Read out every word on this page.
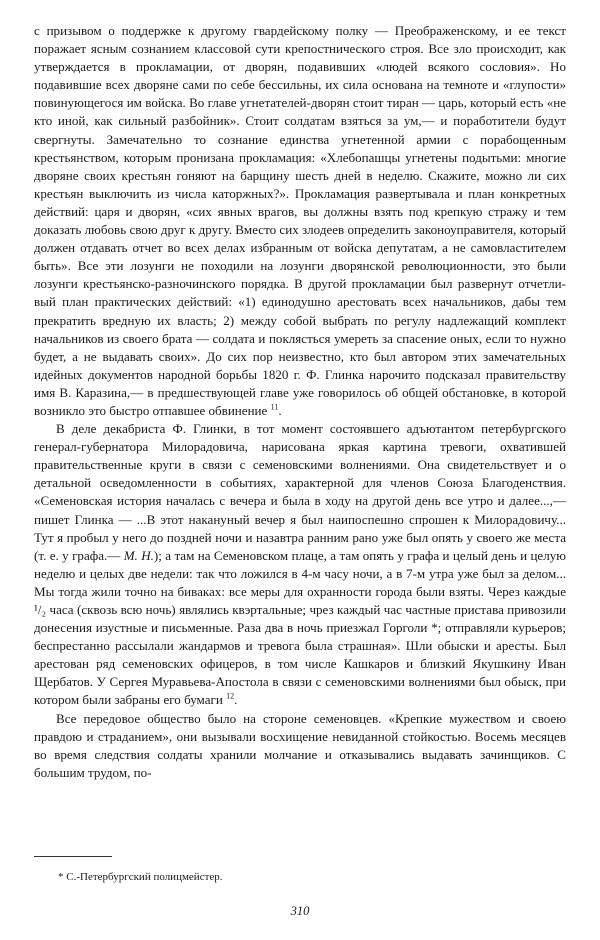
с призывом о поддержке к другому гвардейскому полку — Преображенскому, и ее текст поражает ясным сознанием классовой сути крепостнического строя. Все зло происходит, как утверждается в прокламации, от дворян, подавивших «людей всякого сословия». Но подавившие всех дворяне сами по себе бессильны, их сила основана на темноте и «глупости» повинующегося им войска. Во главе угнетателей-дворян стоит тиран — царь, который есть «не кто иной, как сильный разбойник». Стоит солдатам взяться за ум,— и поработители будут свергнуты. Замечательно то сознание единства угнетенной армии с порабощенным крестьянством, которым пронизана прокламация: «Хлебопашцы угнетены подытьми: многие дворяне своих крестьян гоняют на барщину шесть дней в неделю. Скажите, можно ли сих крестьян выключить из числа каторжных?». Прокламация развертывала и план конкретных действий: царя и дворян, «сих явных врагов, вы должны взять под крепкую стражу и тем доказать любовь свою друг к другу. Вместо сих злодеев определить законоуправителя, который должен отдавать отчет во всех делах избранным от войска депутатам, а не самовластителем быть». Все эти лозунги не походили на лозунги дворянской революционности, это были лозунги крестьянско-разночинского порядка. В другой прокламации был развернут отчетливый план практических действий: «1) единодушно арестовать всех начальников, дабы тем прекратить вредную их власть; 2) между собой выбрать по регулу надлежащий комплект начальников из своего брата — солдата и поклясться умереть за спасение оных, если то нужно будет, а не выдавать своих». До сих пор неизвестно, кто был автором этих замечательных идейных документов народной борьбы 1820 г. Ф. Глинка нарочито подсказал правительству имя В. Каразина,— в предшествующей главе уже говорилось об общей обстановке, в которой возникло это быстро отпавшее обвинение $^{11}$.

В деле декабриста Ф. Глинки, в тот момент состоявшего адъютантом петербургского генерал-губернатора Милорадовича, нарисована яркая картина тревоги, охватившей правительственные круги в связи с семеновскими волнениями. Она свидетельствует и о детальной осведомленности в событиях, характерной для членов Союза Благоденствия. «Семеновская история началась с вечера и была в ходу на другой день все утро и далее...,— пишет Глинка — ...В этот накануный вечер я был наипоспешно спрошен к Милорадовичу... Тут я пробыл у него до поздней ночи и назавтра ранним рано уже был опять у своего же места (т. е. у графа.— М. Н.); а там на Семеновском плаце, а там опять у графа и целый день и целую неделю и целых две недели: так что ложился в 4-м часу ночи, а в 7-м утра уже был за делом... Мы тогда жили точно на биваках: все меры для охранности города были взяты. Через каждые ¹/₂ часа (сквозь всю ночь) являлись квэртальные; чрез каждый час частные пристава привозили донесения изустные и письменные. Раза два в ночь приезжал Горголи *; отправляли курьеров; беспрестанно рассылали жандармов и тревога была страшная». Шли обыски и аресты. Был арестован ряд семеновских офицеров, в том числе Кашкаров и близкий Якушкину Иван Щербатов. У Сергея Муравьева-Апостола в связи с семеновскими волнениями был обыск, при котором были забраны его бумаги $^{12}$.

Все передовое общество было на стороне семеновцев. «Крепкие мужеством и своею правдою и страданием», они вызывали восхищение невиданной стойкостью. Восемь месяцев во время следствия солдаты хранили молчание и отказывались выдавать зачинщиков. С большим трудом, по-

* С.-Петербургский полицмейстер.
310
